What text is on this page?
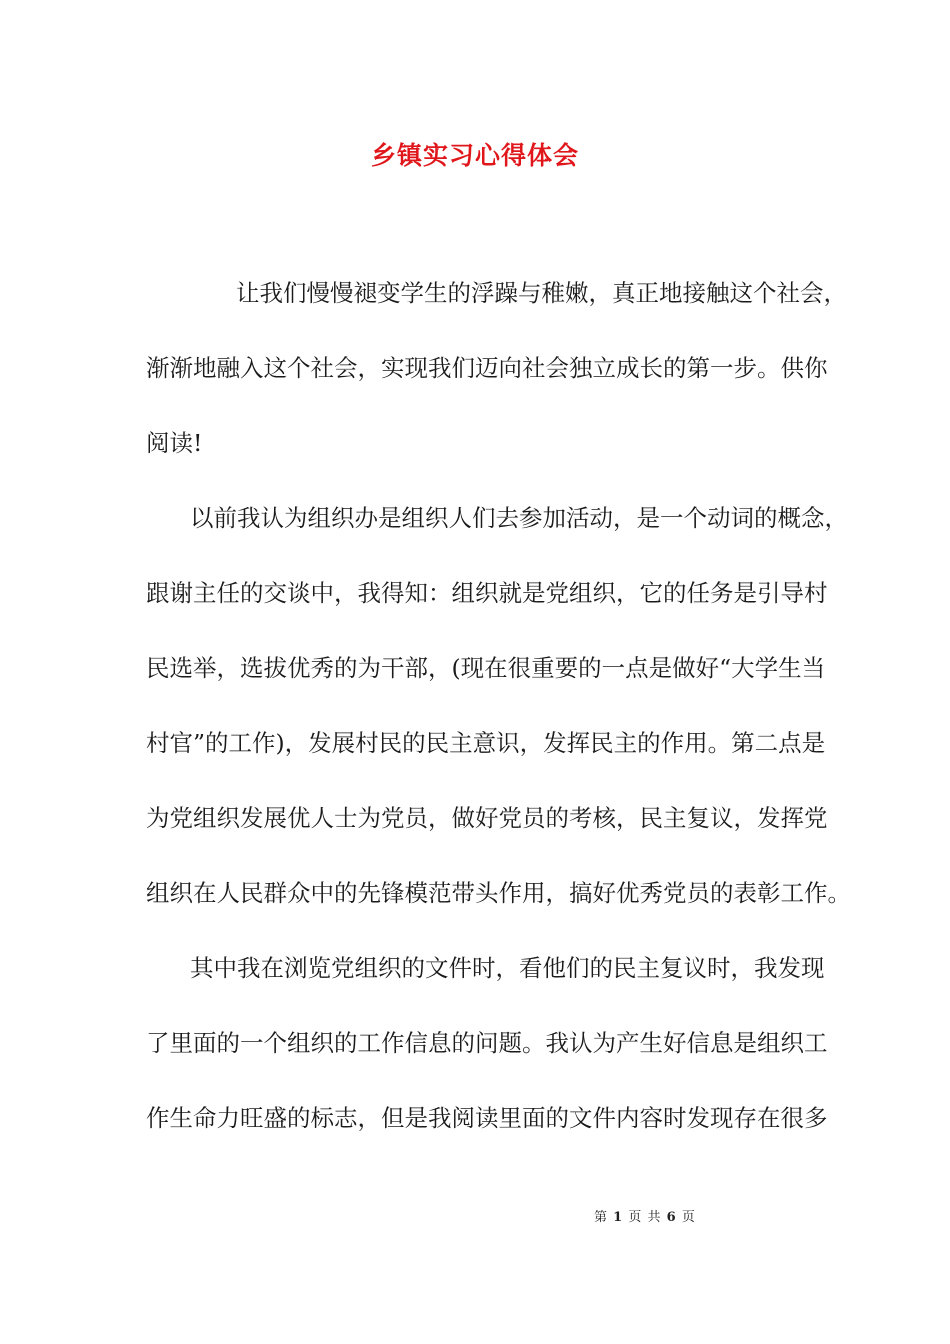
乡镇实习心得体会
让我们慢慢褪变学生的浮躁与稚嫩，真正地接触这个社会，
渐渐地融入这个社会，实现我们迈向社会独立成长的第一步。供你
阅读!
以前我认为组织办是组织人们去参加活动，是一个动词的概念，
跟谢主任的交谈中，我得知：组织就是党组织，它的任务是引导村
民选举，选拔优秀的为干部，(现在很重要的一点是做好“大学生当
村官”的工作)，发展村民的民主意识，发挥民主的作用。第二点是
为党组织发展优人士为党员，做好党员的考核，民主复议，发挥党
组织在人民群众中的先锋模范带头作用，搞好优秀党员的表彰工作。
其中我在浏览党组织的文件时，看他们的民主复议时，我发现
了里面的一个组织的工作信息的问题。我认为产生好信息是组织工
作生命力旺盛的标志，但是我阅读里面的文件内容时发现存在很多
第 1 页 共 6 页
